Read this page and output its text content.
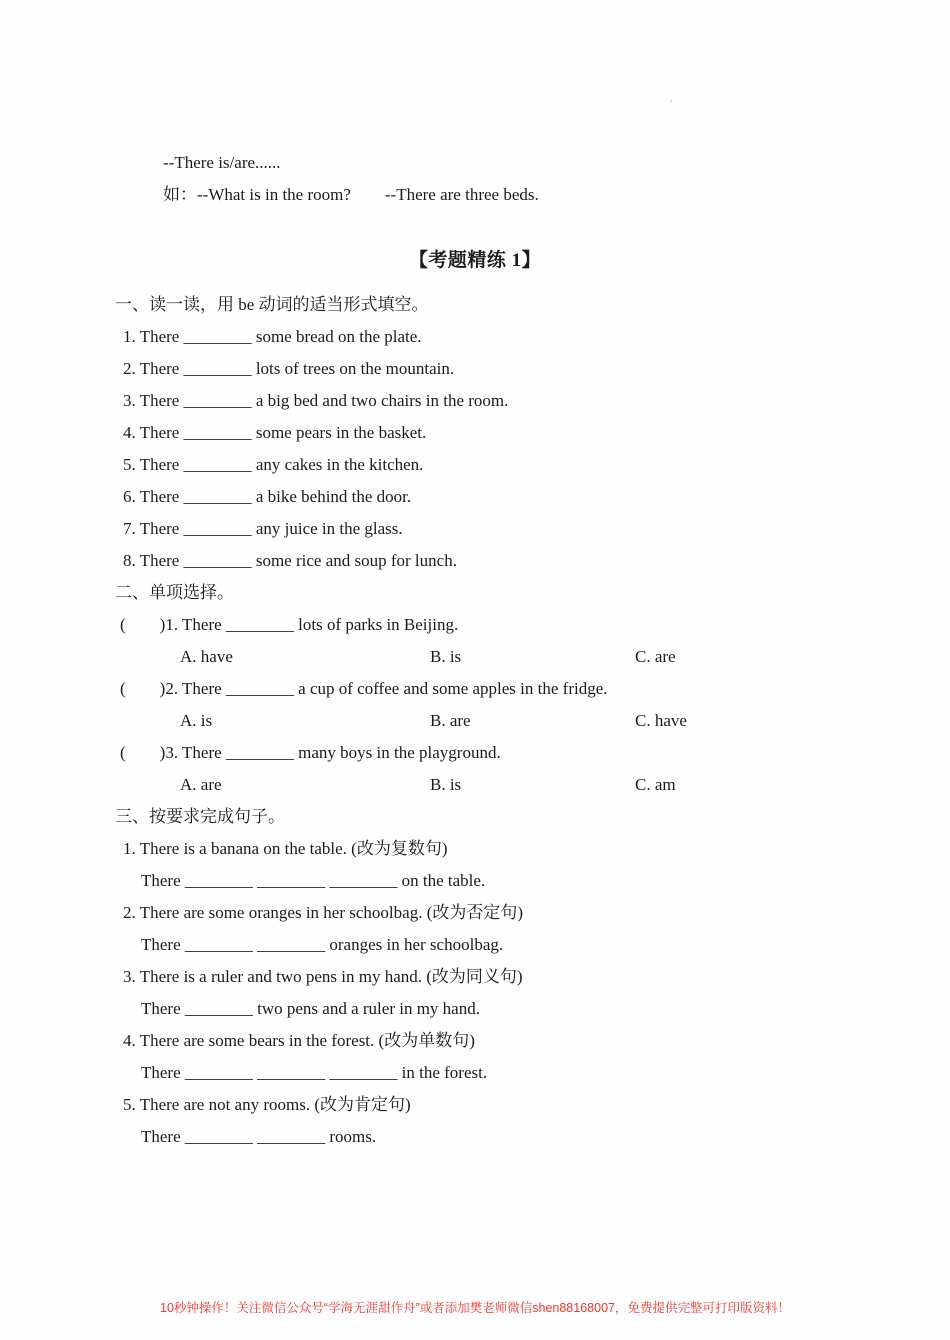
'
--There is/are......
如：--What is in the room?        --There are three beds.
【考题精练 1】
一、读一读，用 be 动词的适当形式填空。
1. There ________ some bread on the plate.
2. There ________ lots of trees on the mountain.
3. There ________ a big bed and two chairs in the room.
4. There ________ some pears in the basket.
5. There ________ any cakes in the kitchen.
6. There ________ a bike behind the door.
7. There ________ any juice in the glass.
8. There ________ some rice and soup for lunch.
二、单项选择。
(        )1. There ________ lots of parks in Beijing.
A. have	B. is	C. are
(        )2. There ________ a cup of coffee and some apples in the fridge.
A. is	B. are	C. have
(        )3. There ________ many boys in the playground.
A. are	B. is	C. am
三、按要求完成句子。
1. There is a banana on the table. (改为复数句)
There ________ ________ ________ on the table.
2. There are some oranges in her schoolbag. (改为否定句)
There ________ ________ oranges in her schoolbag.
3. There is a ruler and two pens in my hand. (改为同义句)
There ________ two pens and a ruler in my hand.
4. There are some bears in the forest. (改为单数句)
There ________ ________ ________ in the forest.
5. There are not any rooms. (改为肯定句)
There ________ ________ rooms.
10秒钟操作！关注微信公众号“学海无涯甜作舟”或者添加樊老师微信shen88168007，免费提供完整可打印版资料！
